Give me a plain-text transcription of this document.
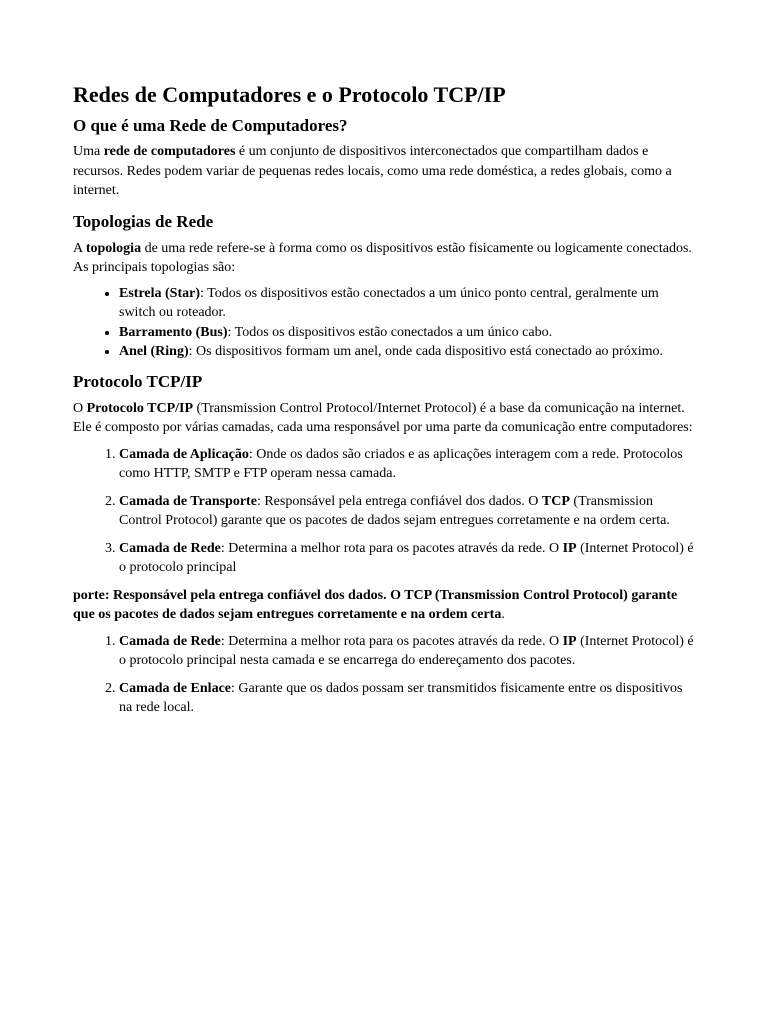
Redes de Computadores e o Protocolo TCP/IP
O que é uma Rede de Computadores?

Uma rede de computadores é um conjunto de dispositivos interconectados que compartilham dados e recursos. Redes podem variar de pequenas redes locais, como uma rede doméstica, a redes globais, como a internet.

Topologias de Rede

A topologia de uma rede refere-se à forma como os dispositivos estão fisicamente ou logicamente conectados. As principais topologias são:

• Estrela (Star): Todos os dispositivos estão conectados a um único ponto central, geralmente um switch ou roteador.
• Barramento (Bus): Todos os dispositivos estão conectados a um único cabo.
• Anel (Ring): Os dispositivos formam um anel, onde cada dispositivo está conectado ao próximo.
Protocolo TCP/IP

O Protocolo TCP/IP (Transmission Control Protocol/Internet Protocol) é a base da comunicação na internet. Ele é composto por várias camadas, cada uma responsável por uma parte da comunicação entre computadores:

1. Camada de Aplicação: Onde os dados são criados e as aplicações interagem com a rede. Protocolos como HTTP, SMTP e FTP operam nessa camada.
2. Camada de Transporte: Responsável pela entrega confiável dos dados. O TCP (Transmission Control Protocol) garante que os pacotes de dados sejam entregues corretamente e na ordem certa.
3. Camada de Rede: Determina a melhor rota para os pacotes através da rede. O IP (Internet Protocol) é o protocolo principal

porte: Responsável pela entrega confiável dos dados. O TCP (Transmission Control Protocol) garante que os pacotes de dados sejam entregues corretamente e na ordem certa.

1. Camada de Rede: Determina a melhor rota para os pacotes através da rede. O IP (Internet Protocol) é o protocolo principal nesta camada e se encarrega do endereçamento dos pacotes.
2. Camada de Enlace: Garante que os dados possam ser transmitidos fisicamente entre os dispositivos na rede local.
